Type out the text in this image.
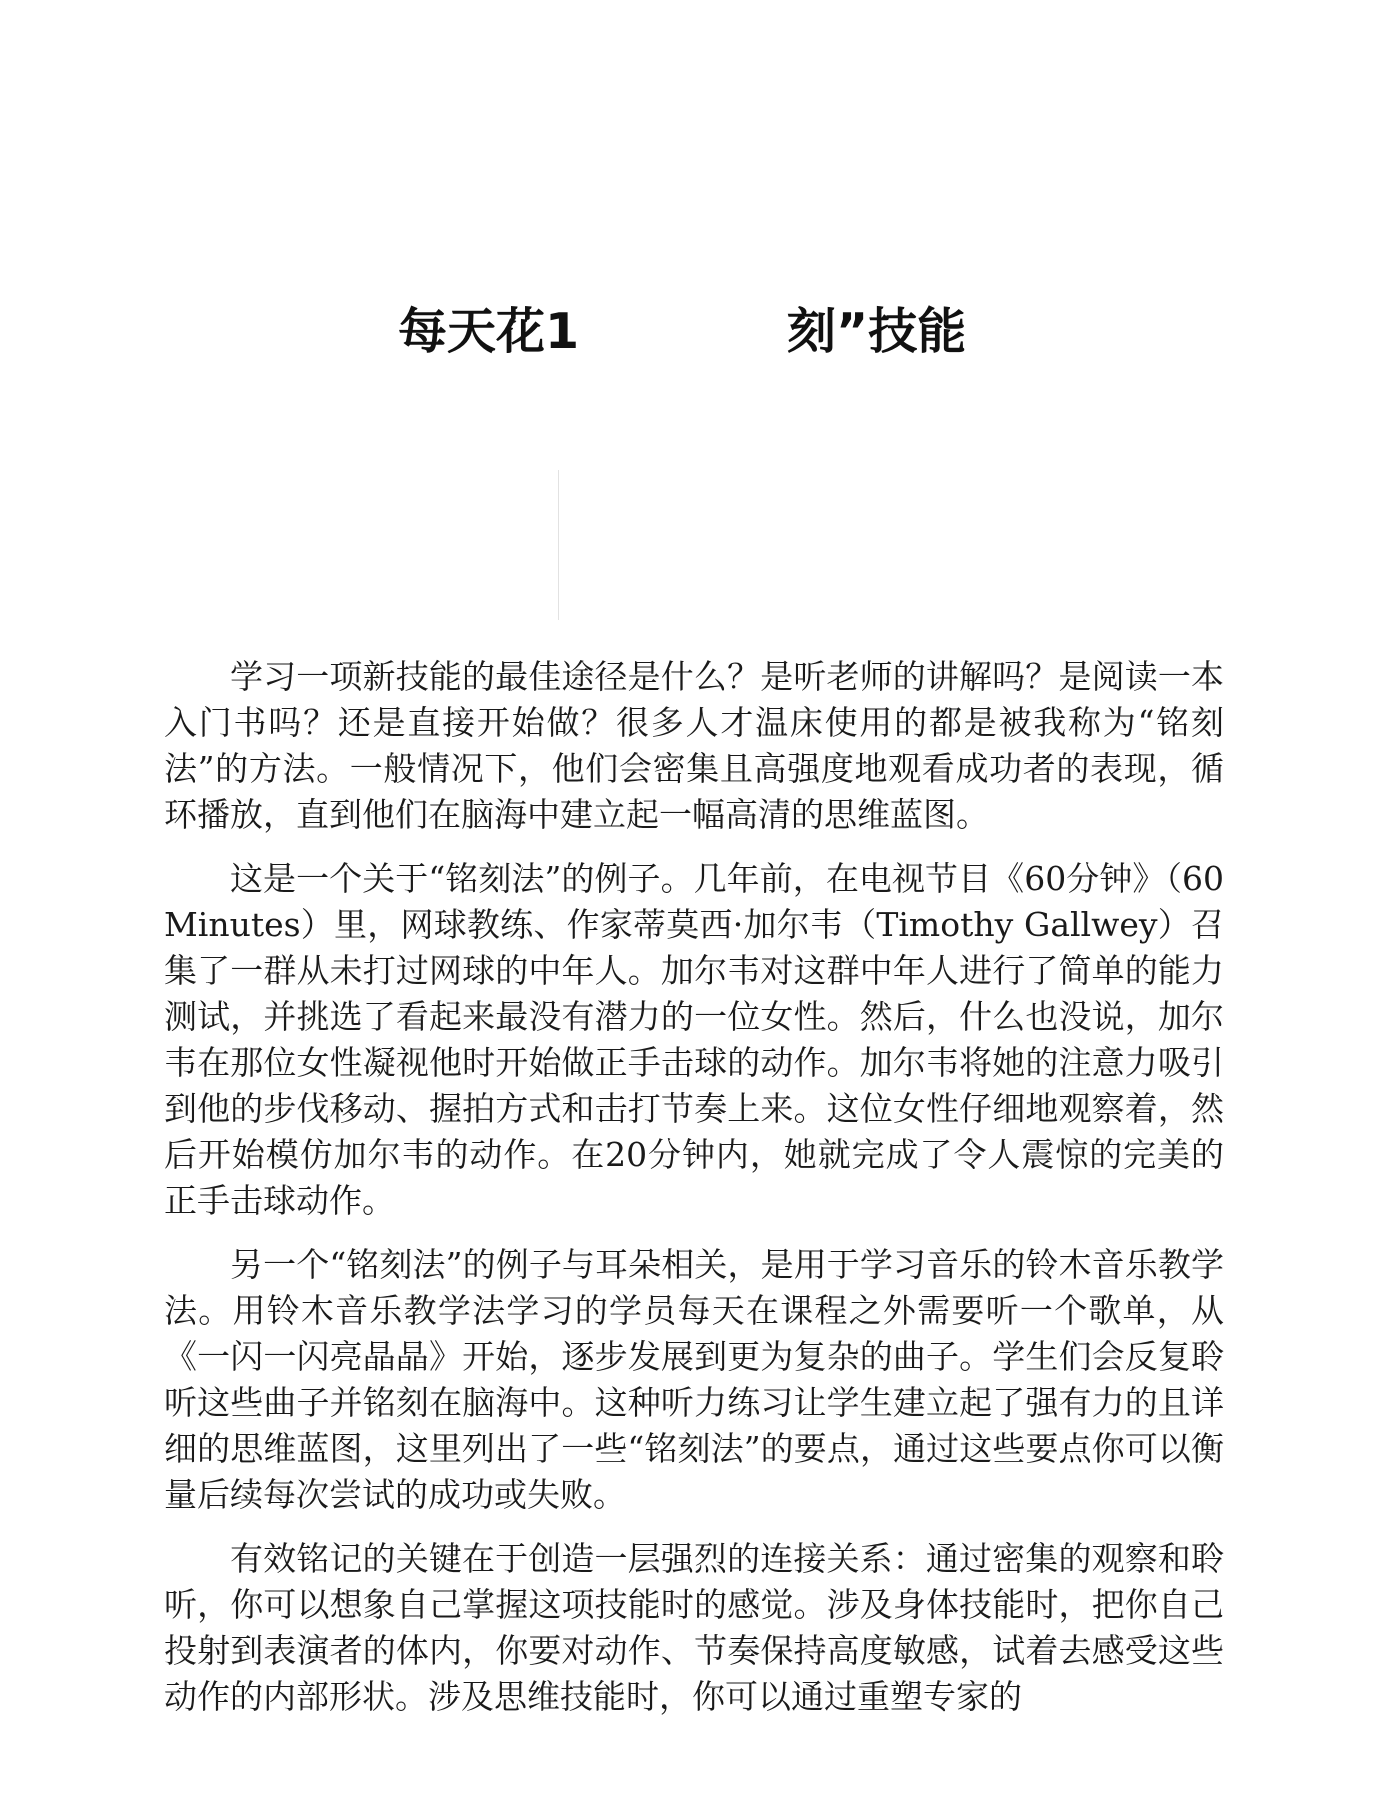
每天花1	刻”技能

学习一项新技能的最佳途径是什么？是听老师的讲解吗？是阅读一本入门书吗？还是直接开始做？很多人才温床使用的都是被我称为“铭刻法”的方法。一般情况下，他们会密集且高强度地观看成功者的表现，循环播放，直到他们在脑海中建立起一幅高清的思维蓝图。

这是一个关于“铭刻法”的例子。几年前，在电视节目《60分钟》（60 Minutes）里，网球教练、作家蒂莫西·加尔韦（Timothy Gallwey）召集了一群从未打过网球的中年人。加尔韦对这群中年人进行了简单的能力测试，并挑选了看起来最没有潜力的一位女性。然后，什么也没说，加尔韦在那位女性凝视他时开始做正手击球的动作。加尔韦将她的注意力吸引到他的步伐移动、握拍方式和击打节奏上来。这位女性仔细地观察着，然后开始模仿加尔韦的动作。在20分钟内，她就完成了令人震惊的完美的正手击球动作。

另一个“铭刻法”的例子与耳朵相关，是用于学习音乐的铃木音乐教学法。用铃木音乐教学法学习的学员每天在课程之外需要听一个歌单，从《一闪一闪亮晶晶》开始，逐步发展到更为复杂的曲子。学生们会反复聆听这些曲子并铭刻在脑海中。这种听力练习让学生建立起了强有力的且详细的思维蓝图，这里列出了一些“铭刻法”的要点，通过这些要点你可以衡量后续每次尝试的成功或失败。

有效铭记的关键在于创造一层强烈的连接关系：通过密集的观察和聆听，你可以想象自己掌握这项技能时的感觉。涉及身体技能时，把你自己投射到表演者的体内，你要对动作、节奏保持高度敏感，试着去感受这些动作的内部形状。涉及思维技能时，你可以通过重塑专家的
